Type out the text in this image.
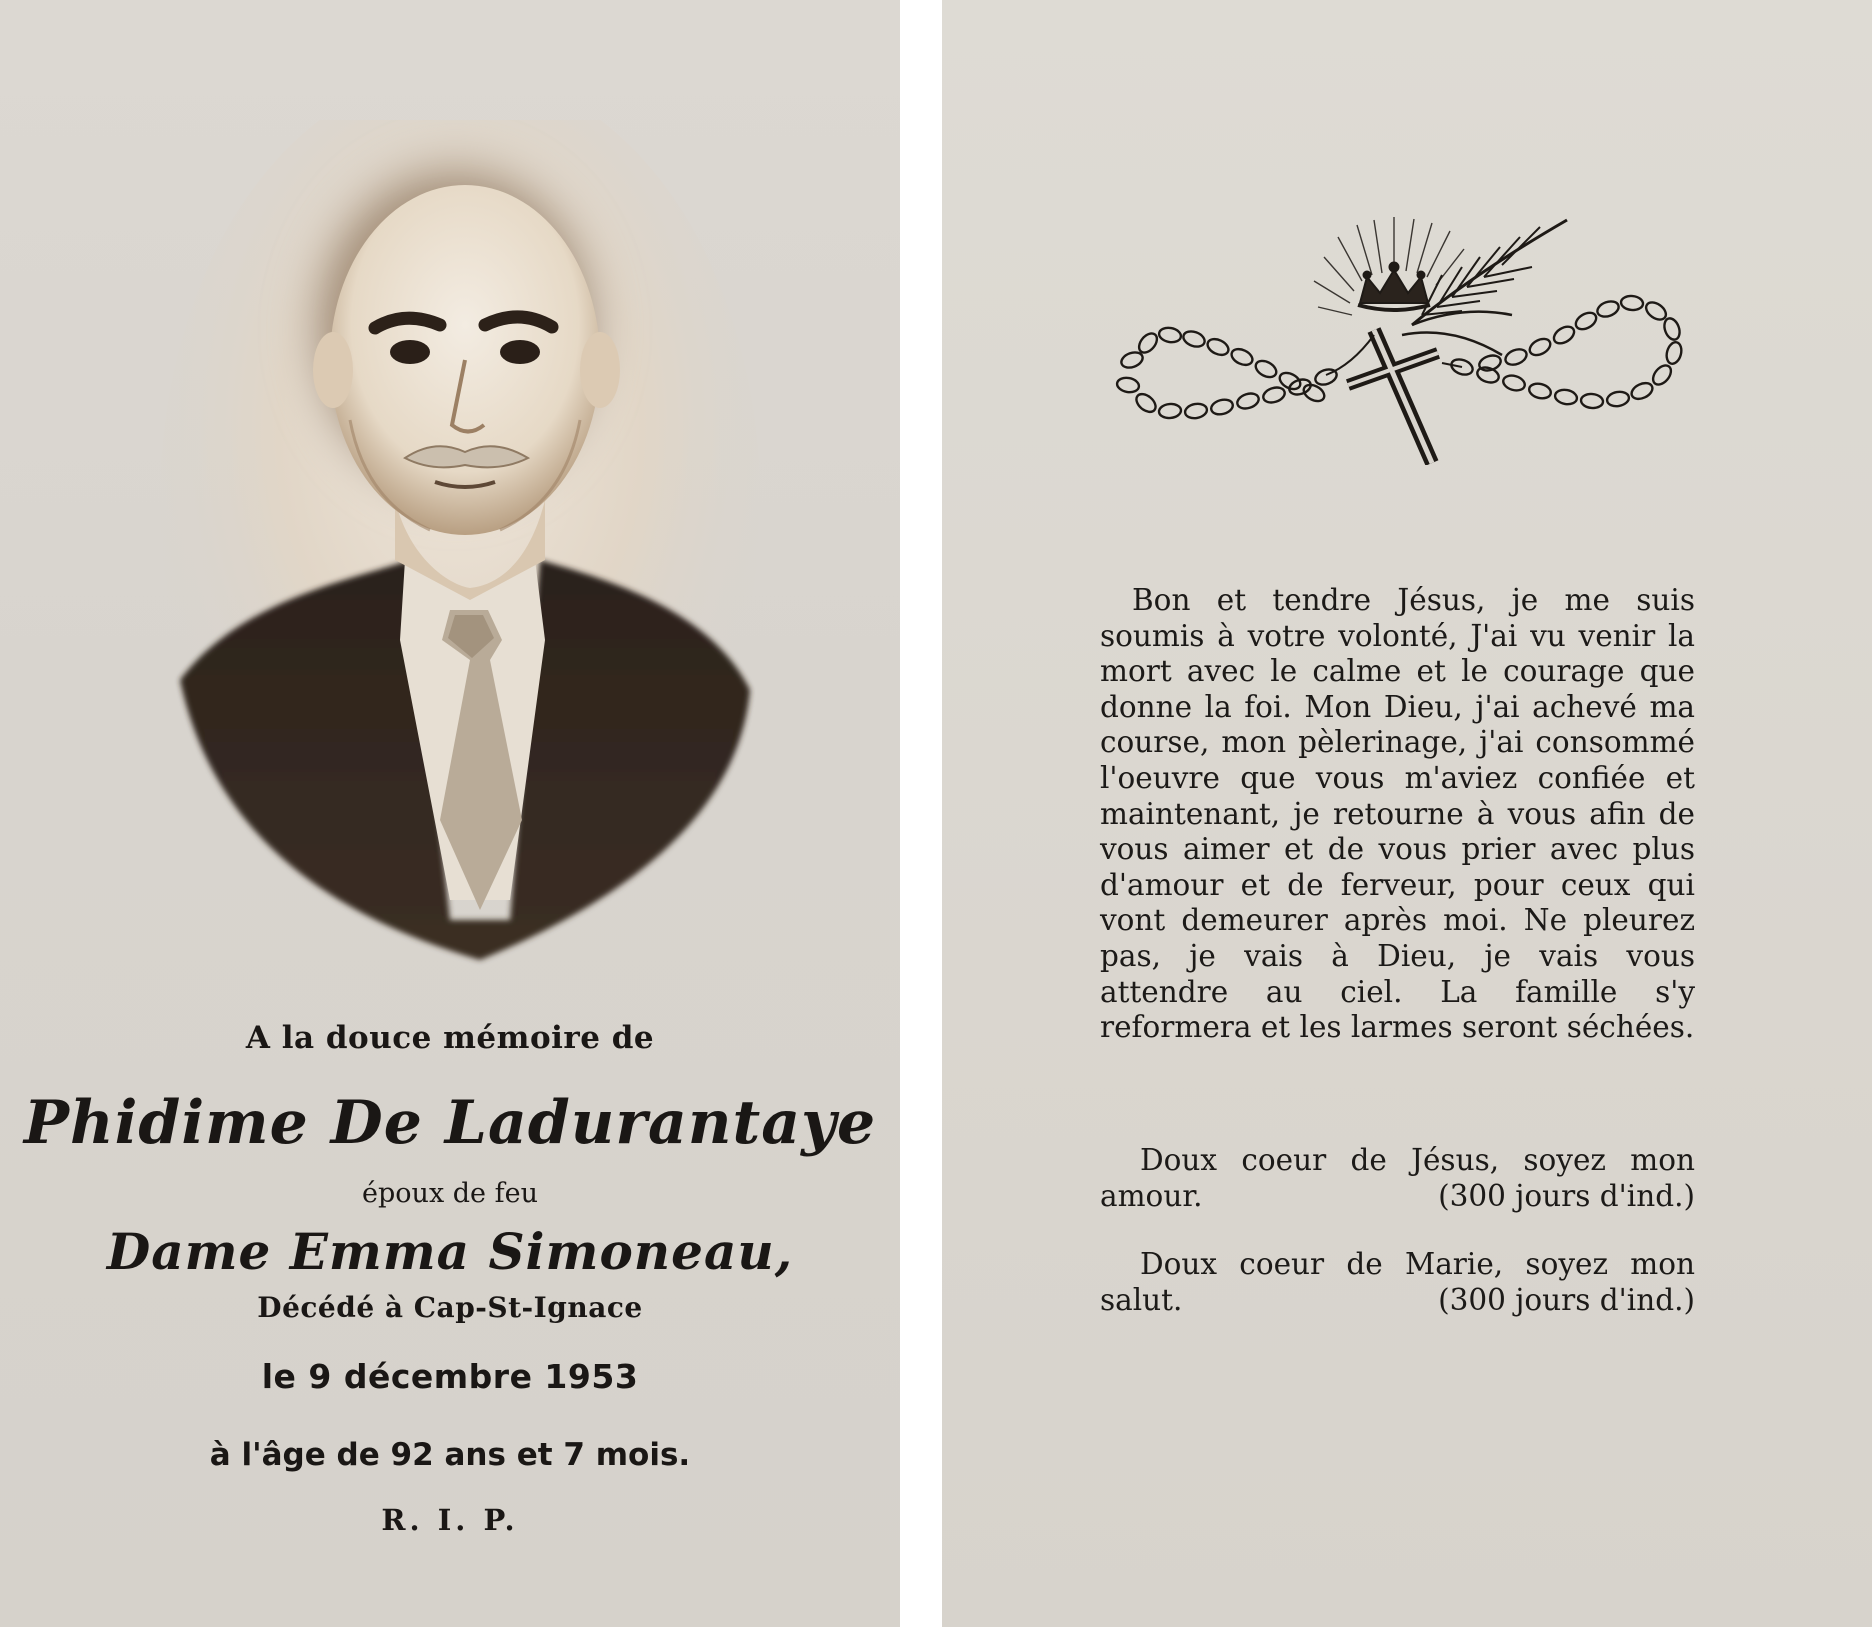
A la douce mémoire de
Phidime De Ladurantaye
époux de feu
Dame Emma Simoneau,
Décédé à Cap-St-Ignace
le 9 décembre 1953
à l'âge de 92 ans et 7 mois.
R. I. P.

Bon et tendre Jésus, je me suis soumis à votre volonté, J'ai vu venir la mort avec le calme et le courage que donne la foi. Mon Dieu, j'ai achevé ma course, mon pèlerinage, j'ai consommé l'oeuvre que vous m'aviez confiée et maintenant, je retourne à vous afin de vous aimer et de vous prier avec plus d'amour et de ferveur, pour ceux qui vont demeurer après moi. Ne pleurez pas, je vais à Dieu, je vais vous attendre au ciel. La famille s'y reformera et les larmes seront séchées.

Doux coeur de Jésus, soyez mon
amour.	(300 jours d'ind.)
Doux coeur de Marie, soyez mon
salut.	(300 jours d'ind.)
